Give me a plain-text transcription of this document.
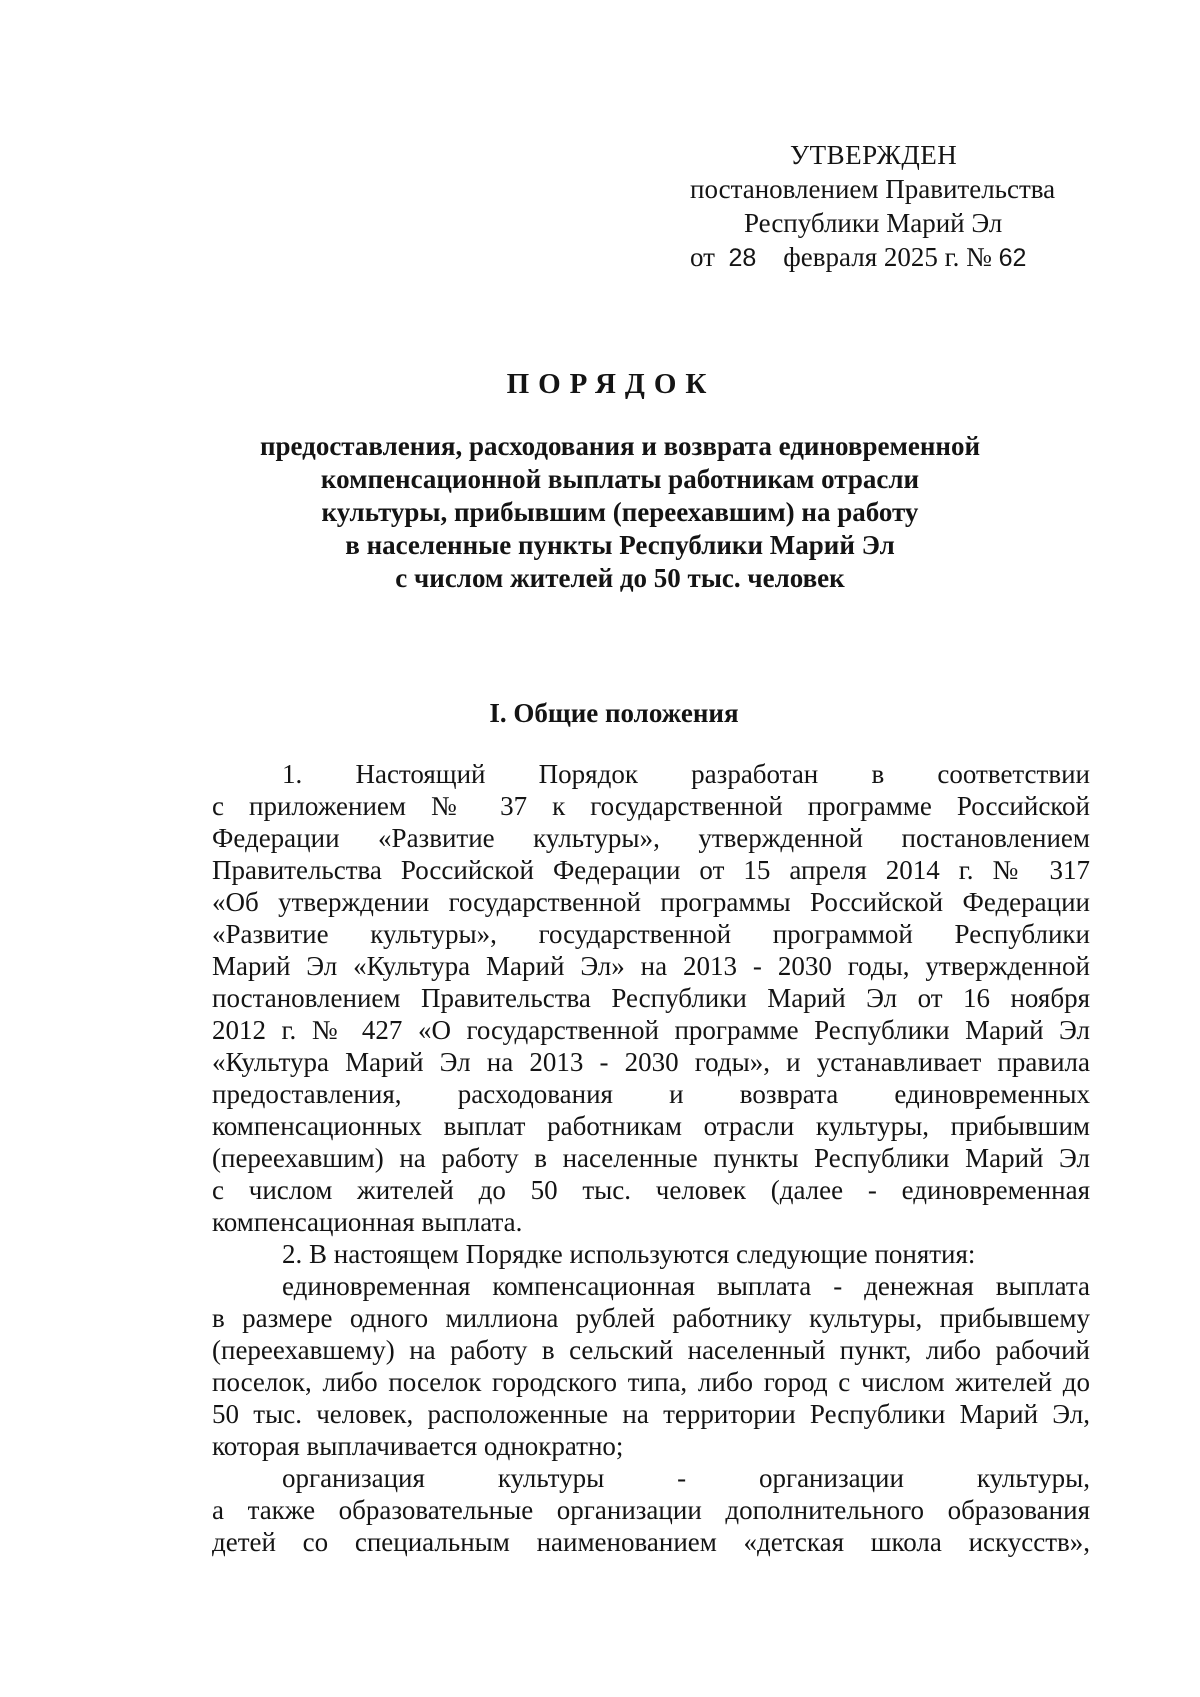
УТВЕРЖДЕН
постановлением Правительства
Республики Марий Эл
от 28 февраля 2025 г. № 62
ПОРЯДОК
предоставления, расходования и возврата единовременной
компенсационной выплаты работникам отрасли
культуры, прибывшим (переехавшим) на работу
в населенные пункты Республики Марий Эл
с числом жителей до 50 тыс. человек
I. Общие положения
1. Настоящий Порядок разработан в соответствии
с приложением № 37 к государственной программе Российской
Федерации «Развитие культуры», утвержденной постановлением
Правительства Российской Федерации от 15 апреля 2014 г. № 317
«Об утверждении государственной программы Российской Федерации
«Развитие культуры», государственной программой Республики
Марий Эл «Культура Марий Эл» на 2013 - 2030 годы, утвержденной
постановлением Правительства Республики Марий Эл от 16 ноября
2012 г. № 427 «О государственной программе Республики Марий Эл
«Культура Марий Эл на 2013 - 2030 годы», и устанавливает правила
предоставления, расходования и возврата единовременных
компенсационных выплат работникам отрасли культуры, прибывшим
(переехавшим) на работу в населенные пункты Республики Марий Эл
с числом жителей до 50 тыс. человек (далее - единовременная
компенсационная выплата.
2. В настоящем Порядке используются следующие понятия:
единовременная компенсационная выплата - денежная выплата
в размере одного миллиона рублей работнику культуры, прибывшему
(переехавшему) на работу в сельский населенный пункт, либо рабочий
поселок, либо поселок городского типа, либо город с числом жителей до
50 тыс. человек, расположенные на территории Республики Марий Эл,
которая выплачивается однократно;
организация культуры - организации культуры,
а также образовательные организации дополнительного образования
детей со специальным наименованием «детская школа искусств»,
